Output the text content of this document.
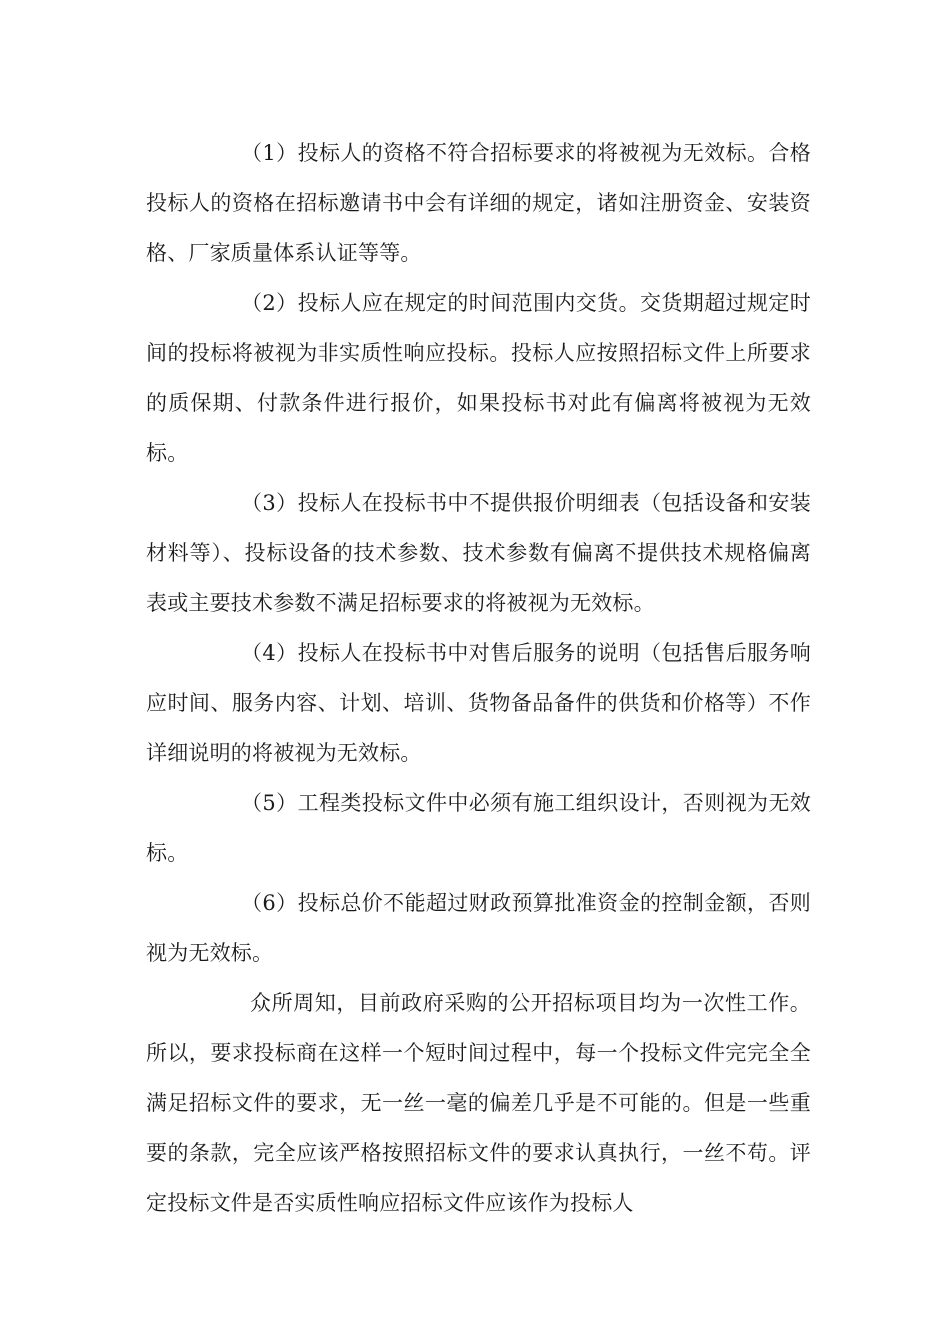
（1）投标人的资格不符合招标要求的将被视为无效标。合格投标人的资格在招标邀请书中会有详细的规定，诸如注册资金、安装资格、厂家质量体系认证等等。

（2）投标人应在规定的时间范围内交货。交货期超过规定时间的投标将被视为非实质性响应投标。投标人应按照招标文件上所要求的质保期、付款条件进行报价，如果投标书对此有偏离将被视为无效标。

（3）投标人在投标书中不提供报价明细表（包括设备和安装材料等）、投标设备的技术参数、技术参数有偏离不提供技术规格偏离表或主要技术参数不满足招标要求的将被视为无效标。

（4）投标人在投标书中对售后服务的说明（包括售后服务响应时间、服务内容、计划、培训、货物备品备件的供货和价格等）不作详细说明的将被视为无效标。

（5）工程类投标文件中必须有施工组织设计，否则视为无效标。

（6）投标总价不能超过财政预算批准资金的控制金额，否则视为无效标。

众所周知，目前政府采购的公开招标项目均为一次性工作。所以，要求投标商在这样一个短时间过程中，每一个投标文件完完全全满足招标文件的要求，无一丝一毫的偏差几乎是不可能的。但是一些重要的条款，完全应该严格按照招标文件的要求认真执行，一丝不苟。评定投标文件是否实质性响应招标文件应该作为投标人
